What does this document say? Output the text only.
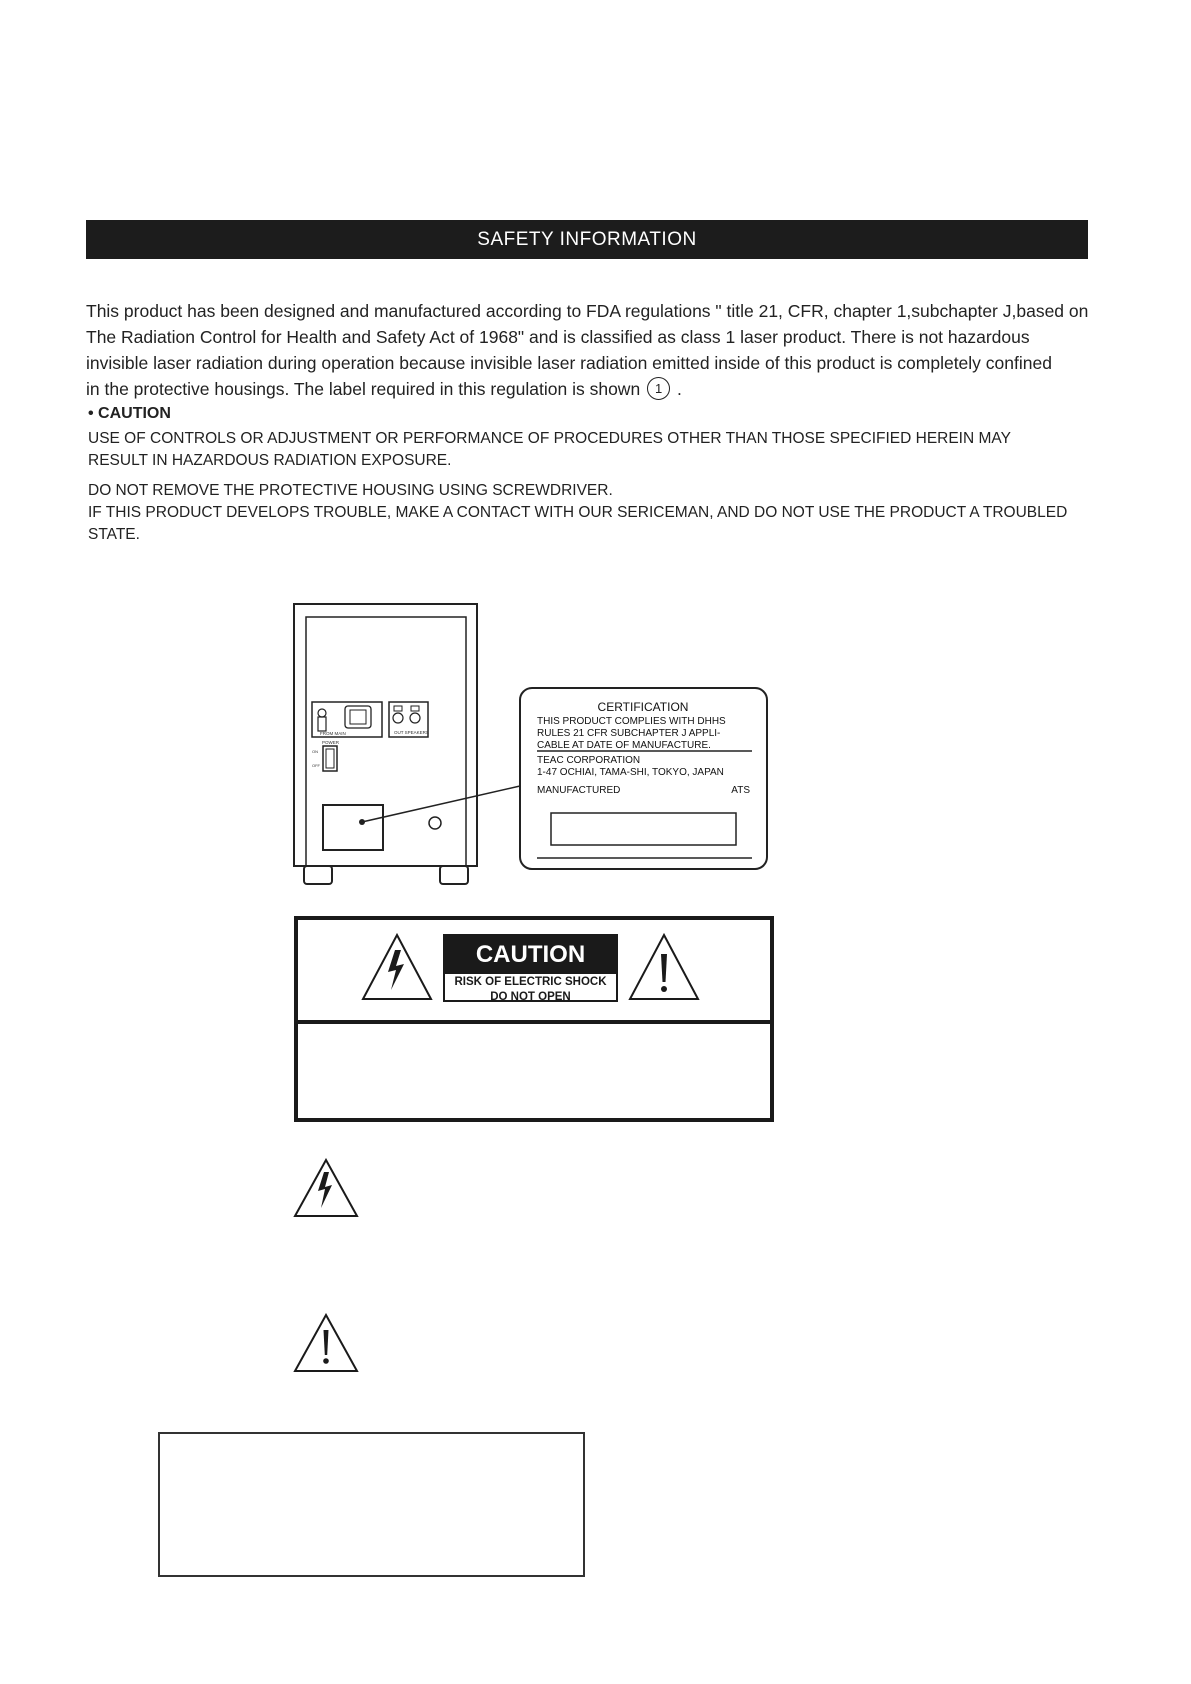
SAFETY INFORMATION

This product has been designed and manufactured according to FDA regulations " title 21, CFR, chapter 1,subchapter J,based on

The Radiation Control for Health and Safety Act of 1968" and is classified as class 1 laser product. There is not hazardous

invisible laser radiation during operation because invisible laser radiation emitted inside of this product is completely confined

in the protective housings. The label required in this regulation is shown 1 .

• CAUTION

USE OF CONTROLS OR ADJUSTMENT OR PERFORMANCE OF PROCEDURES OTHER THAN THOSE SPECIFIED HEREIN MAY

RESULT IN HAZARDOUS RADIATION EXPOSURE.

DO NOT REMOVE THE PROTECTIVE HOUSING USING SCREWDRIVER.

IF THIS PRODUCT DEVELOPS TROUBLE, MAKE A CONTACT WITH OUR SERICEMAN, AND DO NOT USE THE PRODUCT A TROUBLED

STATE.

FROM MAIN	OUT SPEAKERS
POWER
ON
OFF
CERTIFICATION
THIS PRODUCT COMPLIES WITH DHHS
RULES 21 CFR SUBCHAPTER J APPLI-
CABLE AT DATE OF MANUFACTURE.
TEAC CORPORATION
1-47 OCHIAI, TAMA-SHI, TOKYO, JAPAN
MANUFACTURED	ATS
CAUTION
RISK OF ELECTRIC SHOCK
DO NOT OPEN
